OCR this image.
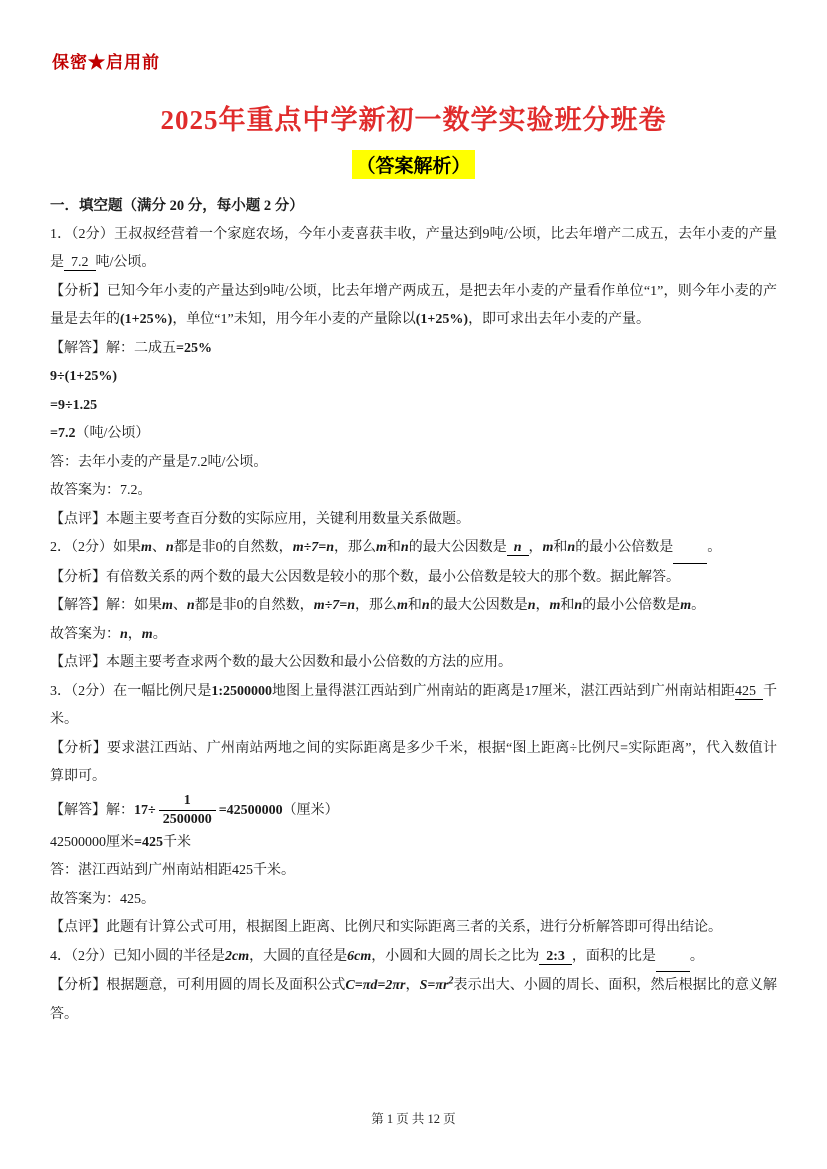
保密★启用前
2025年重点中学新初一数学实验班分班卷
（答案解析）

一．填空题（满分 20 分，每小题 2 分）

1．（2分）王叔叔经营着一个家庭农场，今年小麦喜获丰收，产量达到9吨/公顷，比去年增产二成五，去年小麦的产量是  7.2  吨/公顷。

【分析】已知今年小麦的产量达到9吨/公顷，比去年增产两成五，是把去年小麦的产量看作单位“1”，则今年小麦的产量是去年的(1+25%)，单位“1”未知，用今年小麦的产量除以(1+25%)，即可求出去年小麦的产量。

【解答】解：二成五=25%

9÷(1+25%)

=9÷1.25

=7.2（吨/公顷）

答：去年小麦的产量是7.2吨/公顷。

故答案为：7.2。

【点评】本题主要考查百分数的实际应用，关键利用数量关系做题。

2．（2分）如果m、n都是非0的自然数，m÷7=n，那么m和n的最大公因数是  n  ，m和n的最小公倍数是 。

【分析】有倍数关系的两个数的最大公因数是较小的那个数，最小公倍数是较大的那个数。据此解答。

【解答】解：如果m、n都是非0的自然数，m÷7=n，那么m和n的最大公因数是n，m和n的最小公倍数是m。

故答案为：n，m。

【点评】本题主要考查求两个数的最大公因数和最小公倍数的方法的应用。

3．（2分）在一幅比例尺是1:2500000地图上量得湛江西站到广州南站的距离是17厘米，湛江西站到广州南站相距425  千米。

【分析】要求湛江西站、广州南站两地之间的实际距离是多少千米，根据“图上距离÷比例尺=实际距离”，代入数值计算即可。

【解答】解：$17\div \frac{1}{2500000} =42500000$（厘米）

42500000厘米=425千米

答：湛江西站到广州南站相距425千米。

故答案为：425。

【点评】此题有计算公式可用，根据图上距离、比例尺和实际距离三者的关系，进行分析解答即可得出结论。

4．（2分）已知小圆的半径是2cm，大圆的直径是6cm，小圆和大圆的周长之比为  2:3  ，面积的比是 。

【分析】根据题意，可利用圆的周长及面积公式C=πd=2πr，$S=\pi r^2$表示出大、小圆的周长、面积，然后根据比的意义解答。

第 1 页 共 12 页
